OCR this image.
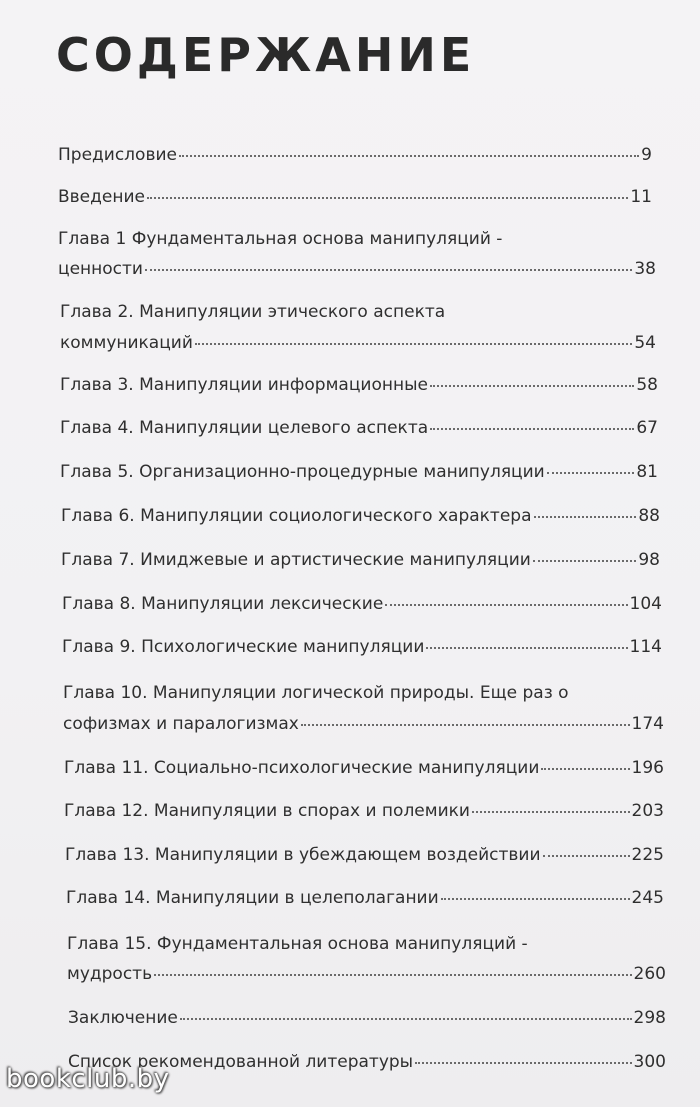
СОДЕРЖАНИЕ
Предисловие	9
Введение	11
Глава 1 Фундаментальная основа манипуляций -
ценности	38
Глава 2. Манипуляции этического аспекта
коммуникаций	54
Глава 3. Манипуляции информационные	58
Глава 4. Манипуляции целевого аспекта	67
Глава 5. Организационно-процедурные манипуляции	81
Глава 6. Манипуляции социологического характера	88
Глава 7. Имиджевые и артистические манипуляции	98
Глава 8. Манипуляции лексические	104
Глава 9. Психологические манипуляции	114
Глава 10. Манипуляции логической природы. Еще раз о
софизмах и паралогизмах	174
Глава 11. Социально-психологические манипуляции	196
Глава 12. Манипуляции в спорах и полемики	203
Глава 13. Манипуляции в убеждающем воздействии	225
Глава 14. Манипуляции в целеполагании	245
Глава 15. Фундаментальная основа манипуляций -
мудрость	260
Заключение	298
Список рекомендованной литературы	300
bookclub.by
